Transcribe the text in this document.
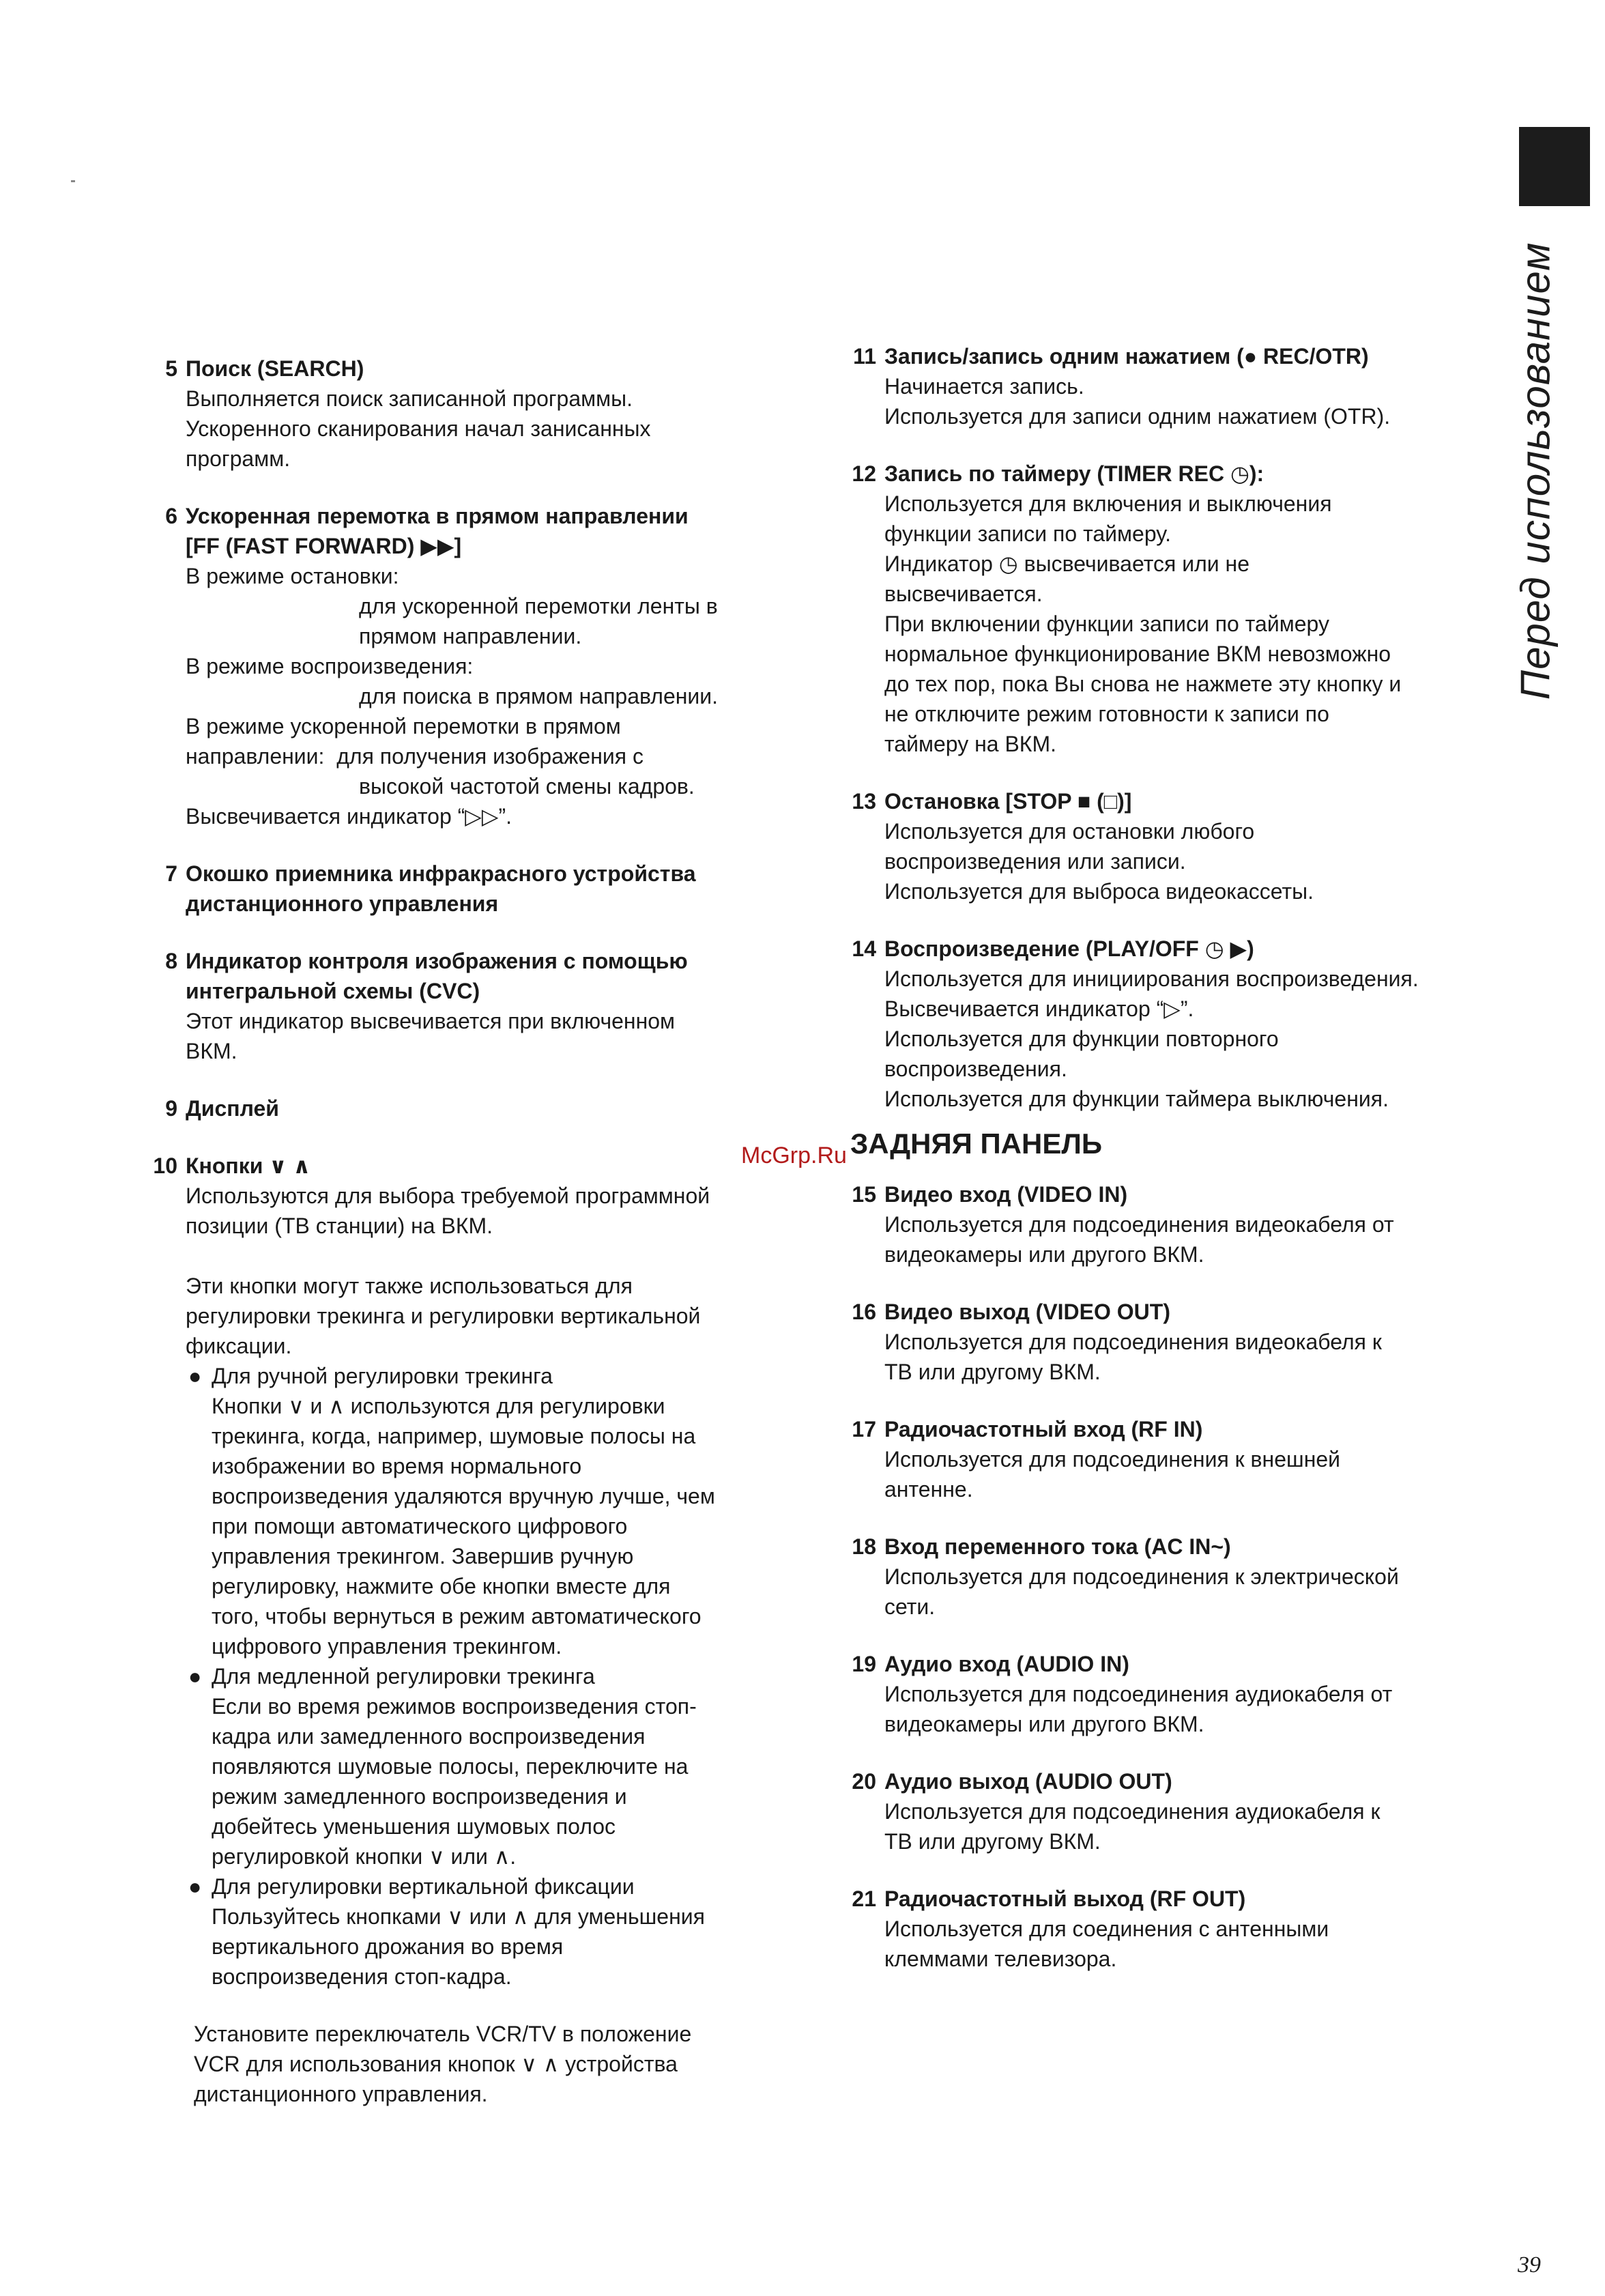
Перед использованием
5 Поиск (SEARCH)
Выполняется поиск записанной программы.
Ускоренного сканирования начал занисанных
программ.
6 Ускоренная перемотка в прямом направлении
[FF (FAST FORWARD) ▶▶]
В режиме остановки:
для ускоренной перемотки ленты в
прямом направлении.
В режиме воспроизведения:
для поиска в прямом направлении.
В режиме ускоренной перемотки в прямом
направлении:  для получения изображения с
высокой частотой смены кадров.
Высвечивается индикатор “▷▷”.
7 Окошко приемника инфракрасного устройства
дистанционного управления
8 Индикатор контроля изображения с помощью
интегральной схемы (CVC)
Этот индикатор высвечивается при включенном
ВКМ.
9 Дисплей
10 Кнопки ∨ ∧
Используются для выбора требуемой программной
позиции (ТВ станции) на ВКМ.
Эти кнопки могут также использоваться для
регулировки трекинга и регулировки вертикальной
фиксации.
● Для ручной регулировки трекинга
Кнопки ∨ и ∧ используются для регулировки
трекинга, когда, например, шумовые полосы на
изображении во время нормального
воспроизведения удаляются вручную лучше, чем
при помощи автоматического цифрового
управления трекингом. Завершив ручную
регулировку, нажмите обе кнопки вместе для
того, чтобы вернуться в режим автоматического
цифрового управления трекингом.
● Для медленной регулировки трекинга
Если во время режимов воспроизведения стоп-
кадра или замедленного воспроизведения
появляются шумовые полосы, переключите на
режим замедленного воспроизведения и
добейтесь уменьшения шумовых полос
регулировкой кнопки ∨ или ∧.
● Для регулировки вертикальной фиксации
Пользуйтесь кнопками ∨ или ∧ для уменьшения
вертикального дрожания во время
воспроизведения стоп-кадра.
Установите переключатель VCR/TV в положение
VCR для использования кнопок ∨ ∧ устройства
дистанционного управления.
11 Запись/запись одним нажатием (● REC/OTR)
Начинается запись.
Используется для записи одним нажатием (OTR).
12 Запись по таймеру (TIMER REC ◷):
Используется для включения и выключения
функции записи по таймеру.
Индикатор ◷ высвечивается или не
высвечивается.
При включении функции записи по таймеру
нормальное функционирование ВКМ невозможно
до тех пор, пока Вы снова не нажмете эту кнопку и
не отключите режим готовности к записи по
таймеру на ВКМ.
13 Остановка [STOP ■ (□)]
Используется для остановки любого
воспроизведения или записи.
Используется для выброса видеокассеты.
14 Воспроизведение (PLAY/OFF ◷ ▶)
Используется для инициирования воспроизведения.
Высвечивается индикатор “▷”.
Используется для функции повторного
воспроизведения.
Используется для функции таймера выключения.
ЗАДНЯЯ ПАНЕЛЬ
15 Видео вход (VIDEO IN)
Используется для подсоединения видеокабеля от
видеокамеры или другого ВКМ.
16 Видео выход (VIDEO OUT)
Используется для подсоединения видеокабеля к
ТВ или другому ВКМ.
17 Радиочастотный вход (RF IN)
Используется для подсоединения к внешней
антенне.
18 Вход переменного тока (AC IN~)
Используется для подсоединения к электрической
сети.
19 Аудио вход (AUDIO IN)
Используется для подсоединения аудиокабеля от
видеокамеры или другого ВКМ.
20 Аудио выход (AUDIO OUT)
Используется для подсоединения аудиокабеля к
ТВ или другому ВКМ.
21 Радиочастотный выход (RF OUT)
Используется для соединения с антенными
клеммами телевизора.
McGrp.Ru
39
